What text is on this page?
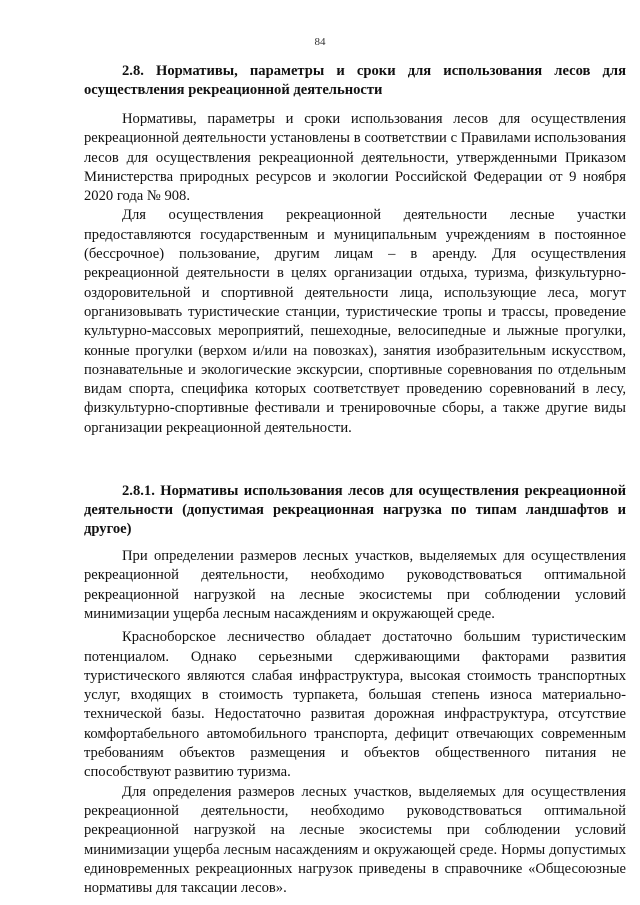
84

2.8. Нормативы, параметры и сроки для использования лесов для осуществления рекреационной деятельности

Нормативы, параметры и сроки использования лесов для осуществления рекреационной деятельности установлены в соответствии с Правилами использования лесов для осуществления рекреационной деятельности, утвержденными Приказом Министерства природных ресурсов и экологии Российской Федерации от 9 ноября 2020 года № 908.

Для осуществления рекреационной деятельности лесные участки предоставляются государственным и муниципальным учреждениям в постоянное (бессрочное) пользование, другим лицам – в аренду. Для осуществления рекреационной деятельности в целях организации отдыха, туризма, физкультурно-оздоровительной и спортивной деятельности лица, использующие леса, могут организовывать туристические станции, туристические тропы и трассы, проведение культурно-массовых мероприятий, пешеходные, велосипедные и лыжные прогулки, конные прогулки (верхом и/или на повозках), занятия изобразительным искусством, познавательные и экологические экскурсии, спортивные соревнования по отдельным видам спорта, специфика которых соответствует проведению соревнований в лесу, физкультурно-спортивные фестивали и тренировочные сборы, а также другие виды организации рекреационной деятельности.

2.8.1. Нормативы использования лесов для осуществления рекреационной деятельности (допустимая рекреационная нагрузка по типам ландшафтов и другое)

При определении размеров лесных участков, выделяемых для осуществления рекреационной деятельности, необходимо руководствоваться оптимальной рекреационной нагрузкой на лесные экосистемы при соблюдении условий минимизации ущерба лесным насаждениям и окружающей среде.

Красноборское лесничество обладает достаточно большим туристическим потенциалом. Однако серьезными сдерживающими факторами развития туристического являются слабая инфраструктура, высокая стоимость транспортных услуг, входящих в стоимость турпакета, большая степень износа материально-технической базы. Недостаточно развитая дорожная инфраструктура, отсутствие комфортабельного автомобильного транспорта, дефицит отвечающих современным требованиям объектов размещения и объектов общественного питания не способствуют развитию туризма.

Для определения размеров лесных участков, выделяемых для осуществления рекреационной деятельности, необходимо руководствоваться оптимальной рекреационной нагрузкой на лесные экосистемы при соблюдении условий минимизации ущерба лесным насаждениям и окружающей среде. Нормы допустимых единовременных рекреационных нагрузок приведены в справочнике «Общесоюзные нормативы для таксации лесов».
